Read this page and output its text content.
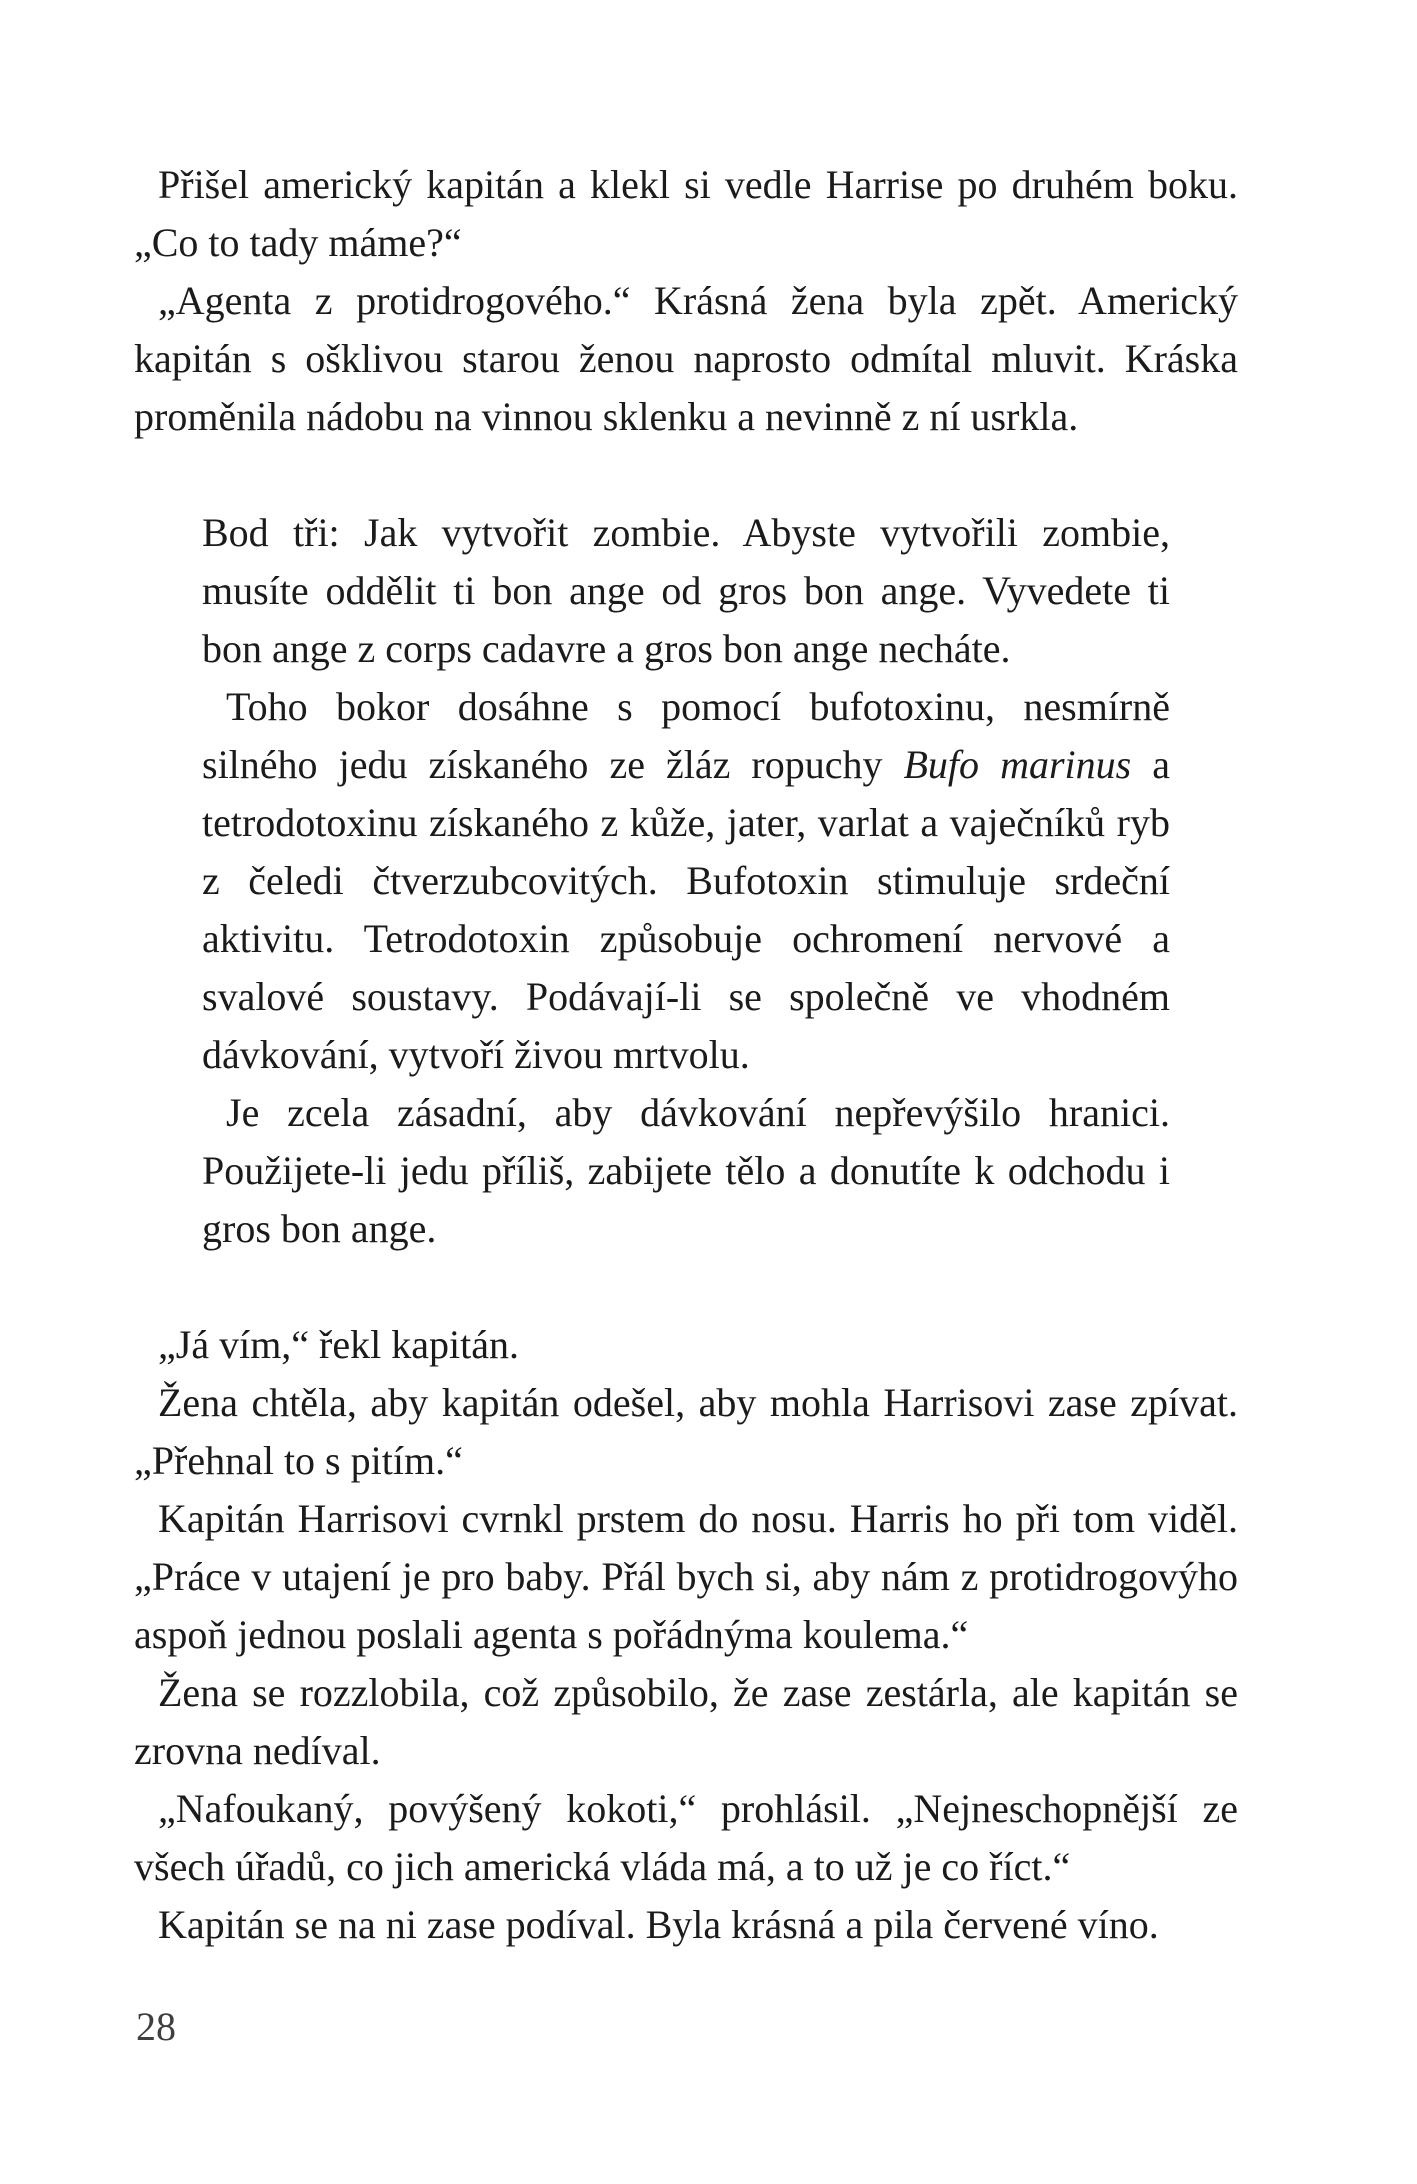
Přišel americký kapitán a klekl si vedle Harrise po druhém boku. „Co to tady máme?“

„Agenta z protidrogového.“ Krásná žena byla zpět. Americký kapitán s ošklivou starou ženou naprosto odmítal mluvit. Kráska proměnila nádobu na vinnou sklenku a nevinně z ní usrkla.

Bod tři: Jak vytvořit zombie. Abyste vytvořili zombie, musíte oddělit ti bon ange od gros bon ange. Vyvedete ti bon ange z corps cadavre a gros bon ange necháte.

Toho bokor dosáhne s pomocí bufotoxinu, nesmírně silného jedu získaného ze žláz ropuchy Bufo marinus a tetrodotoxinu získaného z kůže, jater, varlat a vaječníků ryb z čeledi čtverzubcovitých. Bufotoxin stimuluje srdeční aktivitu. Tetrodotoxin způsobuje ochromení nervové a svalové soustavy. Podávají-li se společně ve vhodném dávkování, vytvoří živou mrtvolu.

Je zcela zásadní, aby dávkování nepřevýšilo hranici. Použijete-li jedu příliš, zabijete tělo a donutíte k odchodu i gros bon ange.

„Já vím,“ řekl kapitán.

Žena chtěla, aby kapitán odešel, aby mohla Harrisovi zase zpívat. „Přehnal to s pitím.“

Kapitán Harrisovi cvrnkl prstem do nosu. Harris ho při tom viděl. „Práce v utajení je pro baby. Přál bych si, aby nám z protidrogovýho aspoň jednou poslali agenta s pořádnýma koulema.“

Žena se rozzlobila, což způsobilo, že zase zestárla, ale kapitán se zrovna nedíval.

„Nafoukaný, povýšený kokoti,“ prohlásil. „Nejneschopnější ze všech úřadů, co jich americká vláda má, a to už je co říct.“

Kapitán se na ni zase podíval. Byla krásná a pila červené víno.

28
